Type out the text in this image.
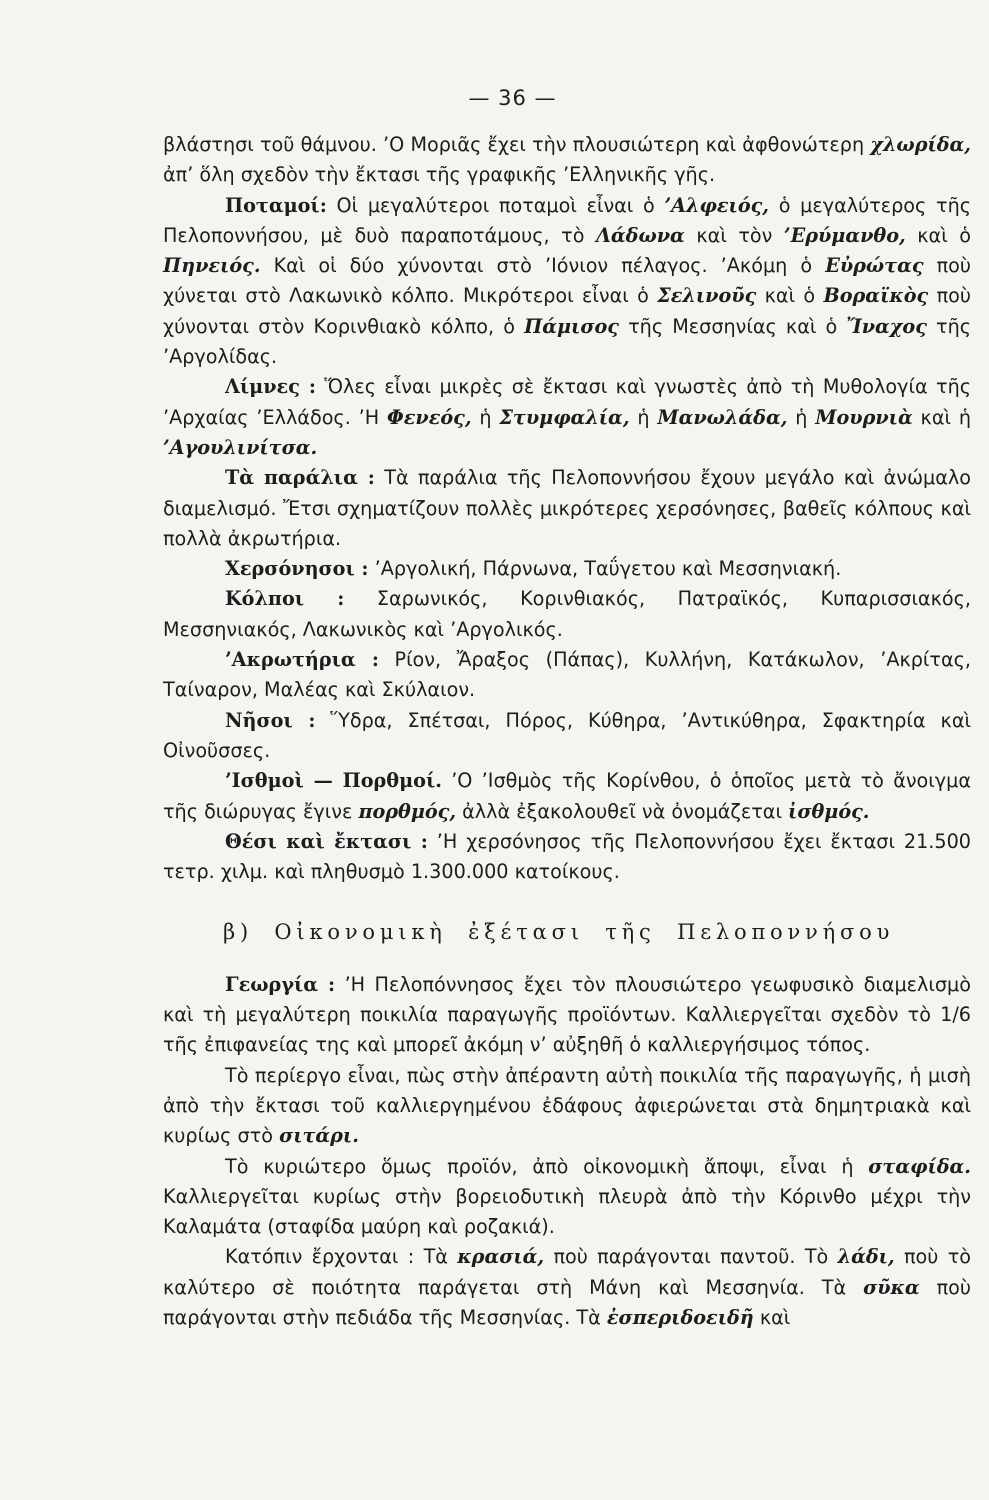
— 36 —

βλάστησι τοῦ θάμνου. ’Ο Μοριᾶς ἔχει τὴν πλουσιώτερη καὶ ἀφθονώτερη χλωρίδα, ἀπ’ ὅλη σχεδὸν τὴν ἔκτασι τῆς γραφικῆς ’Ελληνικῆς γῆς.

Ποταμοί: Οἱ μεγαλύτεροι ποταμοὶ εἶναι ὁ ’Αλφειός, ὁ μεγαλύτερος τῆς Πελοποννήσου, μὲ δυὸ παραποτάμους, τὸ Λάδωνα καὶ τὸν ’Ερύμανθο, καὶ ὁ Πηνειός. Καὶ οἱ δύο χύνονται στὸ ’Ιόνιον πέλαγος. ’Ακόμη ὁ Εὐρώτας ποὺ χύνεται στὸ Λακωνικὸ κόλπο. Μικρότεροι εἶναι ὁ Σελινοῦς καὶ ὁ Βοραϊκὸς ποὺ χύνονται στὸν Κορινθιακὸ κόλπο, ὁ Πάμισος τῆς Μεσσηνίας καὶ ὁ Ἴναχος τῆς ’Αργολίδας.

Λίμνες : Ὅλες εἶναι μικρὲς σὲ ἔκτασι καὶ γνωστὲς ἀπὸ τὴ Μυθολογία τῆς ’Αρχαίας ’Ελλάδος. ’Η Φενεός, ἡ Στυμφαλία, ἡ Μανωλάδα, ἡ Μουρνιὰ καὶ ἡ ’Αγουλινίτσα.

Τὰ παράλια : Τὰ παράλια τῆς Πελοποννήσου ἔχουν μεγάλο καὶ ἀνώμαλο διαμελισμό. Ἔτσι σχηματίζουν πολλὲς μικρότερες χερσόνησες, βαθεῖς κόλπους καὶ πολλὰ ἀκρωτήρια.

Χερσόνησοι : ’Αργολική, Πάρνωνα, Ταΰγετου καὶ Μεσσηνιακή.

Κόλποι : Σαρωνικός, Κορινθιακός, Πατραϊκός, Κυπαρισσιακός, Μεσσηνιακός, Λακωνικὸς καὶ ’Αργολικός.

’Ακρωτήρια : Ρίον, Ἄραξος (Πάπας), Κυλλήνη, Κατάκωλον, ’Ακρίτας, Ταίναρον, Μαλέας καὶ Σκύλαιον.

Νῆσοι : Ὕδρα, Σπέτσαι, Πόρος, Κύθηρα, ’Αντικύθηρα, Σφακτηρία καὶ Οἰνοῦσσες.

’Ισθμοὶ — Πορθμοί. ’Ο ’Ισθμὸς τῆς Κορίνθου, ὁ ὁποῖος μετὰ τὸ ἄνοιγμα τῆς διώρυγας ἔγινε πορθμός, ἀλλὰ ἐξακολουθεῖ νὰ ὀνομάζεται ἰσθμός.

Θέσι καὶ ἔκτασι : ’Η χερσόνησος τῆς Πελοποννήσου ἔχει ἔκτασι 21.500 τετρ. χιλμ. καὶ πληθυσμὸ 1.300.000 κατοίκους.

β) Οἰκονομικὴ ἐξέτασι τῆς Πελοποννήσου

Γεωργία : ’Η Πελοπόννησος ἔχει τὸν πλουσιώτερο γεωφυσικὸ διαμελισμὸ καὶ τὴ μεγαλύτερη ποικιλία παραγωγῆς προϊόντων. Καλλιεργεῖται σχεδὸν τὸ 1/6 τῆς ἐπιφανείας της καὶ μπορεῖ ἀκόμη ν’ αὐξηθῆ ὁ καλλιεργήσιμος τόπος.

Τὸ περίεργο εἶναι, πὼς στὴν ἀπέραντη αὐτὴ ποικιλία τῆς παραγωγῆς, ἡ μισὴ ἀπὸ τὴν ἔκτασι τοῦ καλλιεργημένου ἐδάφους ἀφιερώνεται στὰ δημητριακὰ καὶ κυρίως στὸ σιτάρι.

Τὸ κυριώτερο ὅμως προϊόν, ἀπὸ οἰκονομικὴ ἄποψι, εἶναι ἡ σταφίδα. Καλλιεργεῖται κυρίως στὴν βορειοδυτικὴ πλευρὰ ἀπὸ τὴν Κόρινθο μέχρι τὴν Καλαμάτα (σταφίδα μαύρη καὶ ροζακιά).

Κατόπιν ἔρχονται : Τὰ κρασιά, ποὺ παράγονται παντοῦ. Τὸ λάδι, ποὺ τὸ καλύτερο σὲ ποιότητα παράγεται στὴ Μάνη καὶ Μεσσηνία. Τὰ σῦκα ποὺ παράγονται στὴν πεδιάδα τῆς Μεσσηνίας. Τὰ ἐσπεριδοειδῆ καὶ
